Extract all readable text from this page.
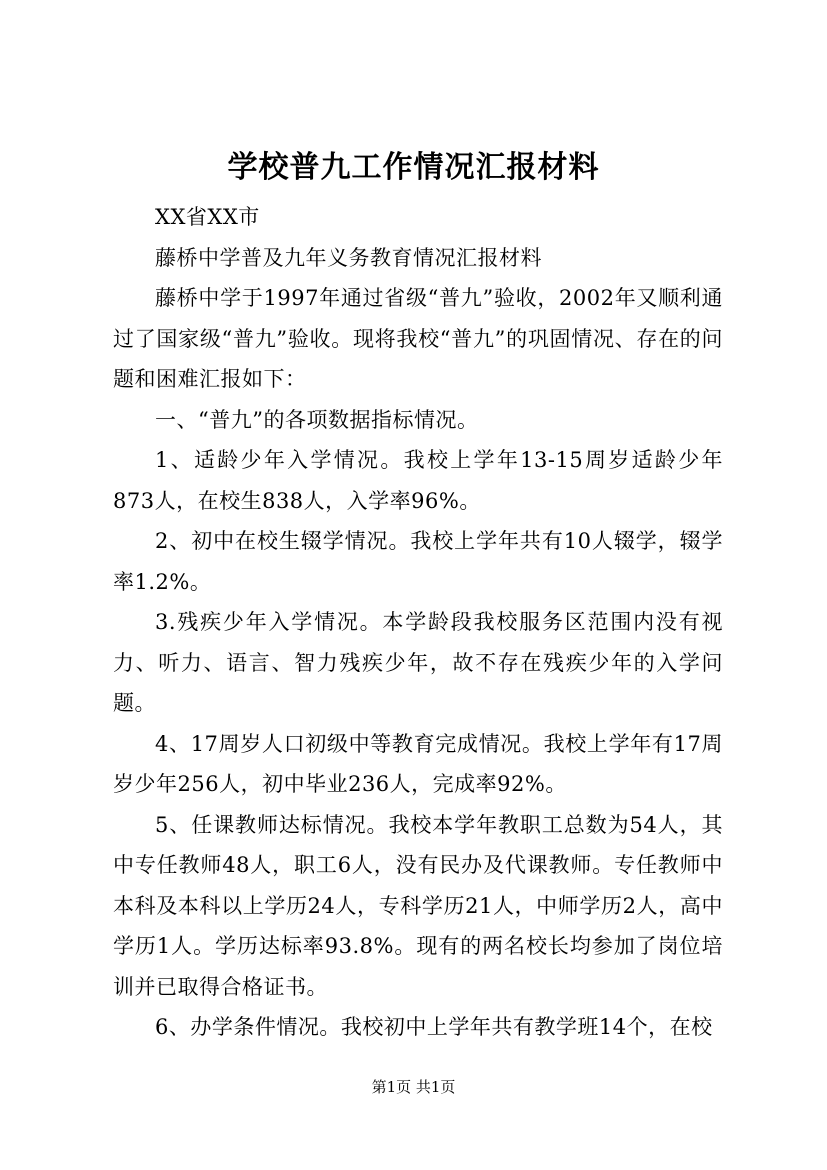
学校普九工作情况汇报材料

XX省XX市

藤桥中学普及九年义务教育情况汇报材料

藤桥中学于1997年通过省级“普九”验收，2002年又顺利通过了国家级“普九”验收。现将我校“普九”的巩固情况、存在的问题和困难汇报如下：

一、“普九”的各项数据指标情况。

1、适龄少年入学情况。我校上学年13-15周岁适龄少年873人，在校生838人，入学率96%。

2、初中在校生辍学情况。我校上学年共有10人辍学，辍学率1.2%。

3.残疾少年入学情况。本学龄段我校服务区范围内没有视力、听力、语言、智力残疾少年，故不存在残疾少年的入学问题。

4、17周岁人口初级中等教育完成情况。我校上学年有17周岁少年256人，初中毕业236人，完成率92%。

5、任课教师达标情况。我校本学年教职工总数为54人，其中专任教师48人，职工6人，没有民办及代课教师。专任教师中本科及本科以上学历24人，专科学历21人，中师学历2人，高中学历1人。学历达标率93.8%。现有的两名校长均参加了岗位培训并已取得合格证书。

6、办学条件情况。我校初中上学年共有教学班14个，在校

第1页 共1页
